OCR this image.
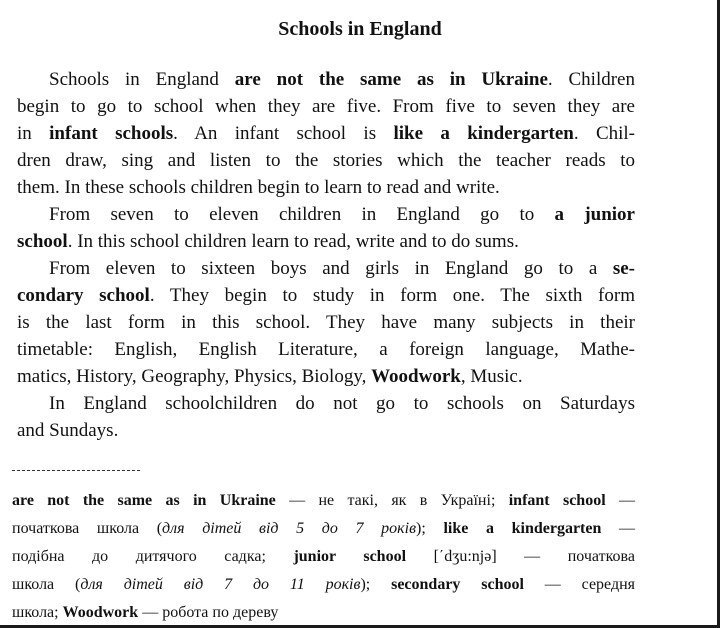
Schools in England
Schools in England are not the same as in Ukraine. Children
begin to go to school when they are five. From five to seven they are
in infant schools. An infant school is like a kindergarten. Chil-
dren draw, sing and listen to the stories which the teacher reads to
them. In these schools children begin to learn to read and write.
From seven to eleven children in England go to a junior
school. In this school children learn to read, write and to do sums.
From eleven to sixteen boys and girls in England go to a se-
condary school. They begin to study in form one. The sixth form
is the last form in this school. They have many subjects in their
timetable: English, English Literature, a foreign language, Mathe-
matics, History, Geography, Physics, Biology, Woodwork, Music.
In England schoolchildren do not go to schools on Saturdays
and Sundays.
are not the same as in Ukraine — не такі, як в Україні; infant school —
початкова школа (для дітей від 5 до 7 років); like a kindergarten —
подібна до дитячого садка; junior school [΄dʒu:njə] — початкова
школа (для дітей від 7 до 11 років); secondary school — середня
школа; Woodwork — робота по дереву
